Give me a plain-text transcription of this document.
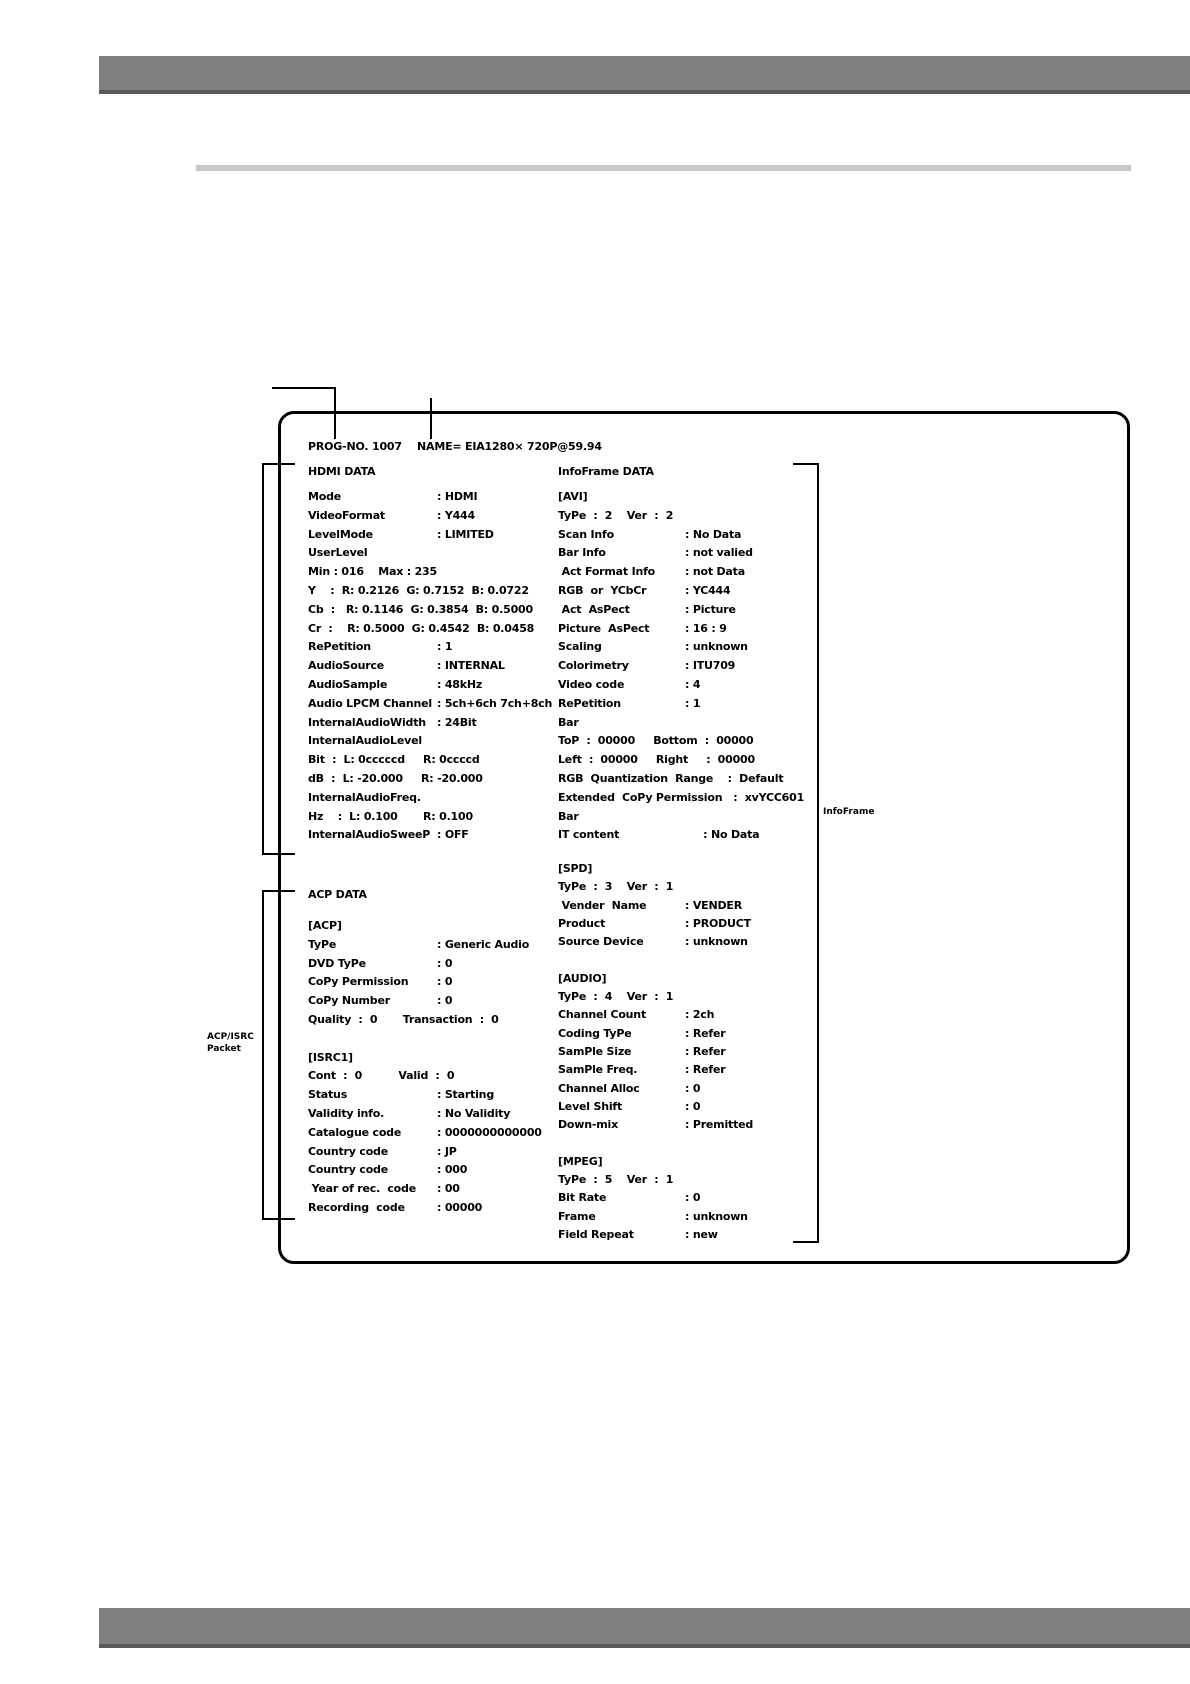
PROG-NO. 1007 NAME= EIA1280× 720P@59.94
HDMI DATA
Mode	: HDMI
VideoFormat	: Y444
LevelMode	: LIMITED
UserLevel
Min : 016    Max : 235
Y    :  R: 0.2126  G: 0.7152  B: 0.0722
Cb  :   R: 0.1146  G: 0.3854  B: 0.5000
Cr  :    R: 0.5000  G: 0.4542  B: 0.0458
RePetition	: 1
AudioSource	: INTERNAL
AudioSample	: 48kHz
Audio LPCM Channel : 5ch+6ch 7ch+8ch
InternalAudioWidth : 24Bit
InternalAudioLevel
Bit  :  L: 0cccccd     R: 0ccccd
dB  :  L: -20.000     R: -20.000
InternalAudioFreq.
Hz    :  L: 0.100       R: 0.100
InternalAudioSweeP : OFF
ACP DATA
[ACP]
TyPe	: Generic Audio
DVD TyPe	: 0
CoPy Permission	: 0
CoPy Number	: 0
Quality  :  0       Transaction  :  0
[ISRC1]
Cont  :  0          Valid  :  0
Status	: Starting
Validity info.	: No Validity
Catalogue code	: 0000000000000
Country code	: JP
Country code	: 000
Year of rec.  code : 00
Recording  code	: 00000
InfoFrame DATA
[AVI]
TyPe  :  2    Ver  :  2
Scan Info	: No Data
Bar Info	: not valied
Act Format Info	: not Data
RGB  or  YCbCr	: YC444
Act  AsPect	: Picture
Picture  AsPect	: 16 : 9
Scaling	: unknown
Colorimetry	: ITU709
Video code	: 4
RePetition	: 1
Bar
ToP  :  00000     Bottom  :  00000
Left  :  00000     Right     :  00000
RGB  Quantization  Range    :  Default
Extended  CoPy Permission   :  xvYCC601
Bar
IT content	: No Data
[SPD]
TyPe  :  3    Ver  :  1
Vender  Name	: VENDER
Product	: PRODUCT
Source Device	: unknown
[AUDIO]
TyPe  :  4    Ver  :  1
Channel Count	: 2ch
Coding TyPe	: Refer
SamPle Size	: Refer
SamPle Freq.	: Refer
Channel Alloc	: 0
Level Shift	: 0
Down-mix	: Premitted
[MPEG]
TyPe  :  5    Ver  :  1
Bit Rate	: 0
Frame	: unknown
Field Repeat	: new
InfoFrame
ACP/ISRC
Packet
